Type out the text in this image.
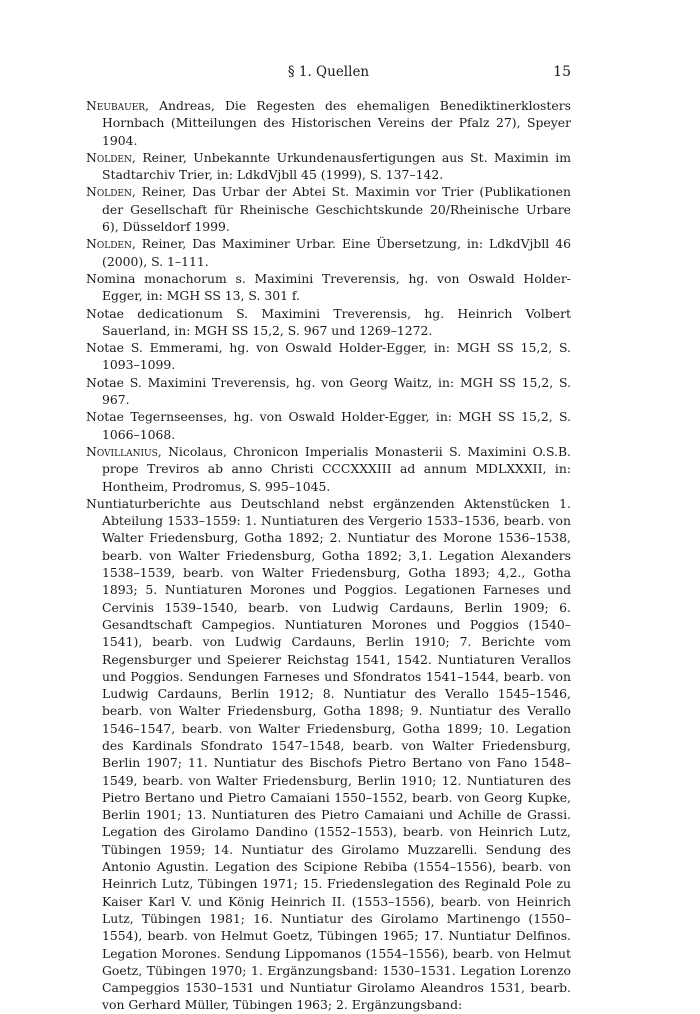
§ 1. Quellen	15

Neubauer, Andreas, Die Regesten des ehemaligen Benediktinerklosters Hornbach (Mitteilungen des Historischen Vereins der Pfalz 27), Speyer 1904.

Nolden, Reiner, Unbekannte Urkundenausfertigungen aus St. Maximin im Stadtarchiv Trier, in: LdkdVjbll 45 (1999), S. 137–142.

Nolden, Reiner, Das Urbar der Abtei St. Maximin vor Trier (Publikationen der Gesellschaft für Rheinische Geschichtskunde 20/Rheinische Urbare 6), Düsseldorf 1999.

Nolden, Reiner, Das Maximiner Urbar. Eine Übersetzung, in: LdkdVjbll 46 (2000), S. 1–111.

Nomina monachorum s. Maximini Treverensis, hg. von Oswald Holder-Egger, in: MGH SS 13, S. 301 f.

Notae dedicationum S. Maximini Treverensis, hg. Heinrich Volbert Sauerland, in: MGH SS 15,2, S. 967 und 1269–1272.

Notae S. Emmerami, hg. von Oswald Holder-Egger, in: MGH SS 15,2, S. 1093–1099.

Notae S. Maximini Treverensis, hg. von Georg Waitz, in: MGH SS 15,2, S. 967.

Notae Tegernseenses, hg. von Oswald Holder-Egger, in: MGH SS 15,2, S. 1066–1068.

Novillanius, Nicolaus, Chronicon Imperialis Monasterii S. Maximini O.S.B. prope Treviros ab anno Christi CCCXXXIII ad annum MDLXXXII, in: Hontheim, Prodromus, S. 995–1045.

Nuntiaturberichte aus Deutschland nebst ergänzenden Aktenstücken 1. Abteilung 1533–1559: 1. Nuntiaturen des Vergerio 1533–1536, bearb. von Walter Friedensburg, Gotha 1892; 2. Nuntiatur des Morone 1536–1538, bearb. von Walter Friedensburg, Gotha 1892; 3,1. Legation Alexanders 1538–1539, bearb. von Walter Friedensburg, Gotha 1893; 4,2., Gotha 1893; 5. Nuntiaturen Morones und Poggios. Legationen Farneses und Cervinis 1539–1540, bearb. von Ludwig Cardauns, Berlin 1909; 6. Gesandtschaft Campegios. Nuntiaturen Morones und Poggios (1540–1541), bearb. von Ludwig Cardauns, Berlin 1910; 7. Berichte vom Regensburger und Speierer Reichstag 1541, 1542. Nuntiaturen Verallos und Poggios. Sendungen Farneses und Sfondratos 1541–1544, bearb. von Ludwig Cardauns, Berlin 1912; 8. Nuntiatur des Verallo 1545–1546, bearb. von Walter Friedensburg, Gotha 1898; 9. Nuntiatur des Verallo 1546–1547, bearb. von Walter Friedensburg, Gotha 1899; 10. Legation des Kardinals Sfondrato 1547–1548, bearb. von Walter Friedensburg, Berlin 1907; 11. Nuntiatur des Bischofs Pietro Bertano von Fano 1548–1549, bearb. von Walter Friedensburg, Berlin 1910; 12. Nuntiaturen des Pietro Bertano und Pietro Camaiani 1550–1552, bearb. von Georg Kupke, Berlin 1901; 13. Nuntiaturen des Pietro Camaiani und Achille de Grassi. Legation des Girolamo Dandino (1552–1553), bearb. von Heinrich Lutz, Tübingen 1959; 14. Nuntiatur des Girolamo Muzzarelli. Sendung des Antonio Agustin. Legation des Scipione Rebiba (1554–1556), bearb. von Heinrich Lutz, Tübingen 1971; 15. Friedenslegation des Reginald Pole zu Kaiser Karl V. und König Heinrich II. (1553–1556), bearb. von Heinrich Lutz, Tübingen 1981; 16. Nuntiatur des Girolamo Martinengo (1550–1554), bearb. von Helmut Goetz, Tübingen 1965; 17. Nuntiatur Delfinos. Legation Morones. Sendung Lippomanos (1554–1556), bearb. von Helmut Goetz, Tübingen 1970; 1. Ergänzungsband: 1530–1531. Legation Lorenzo Campeggios 1530–1531 und Nuntiatur Girolamo Aleandros 1531, bearb. von Gerhard Müller, Tübingen 1963; 2. Ergänzungsband:
